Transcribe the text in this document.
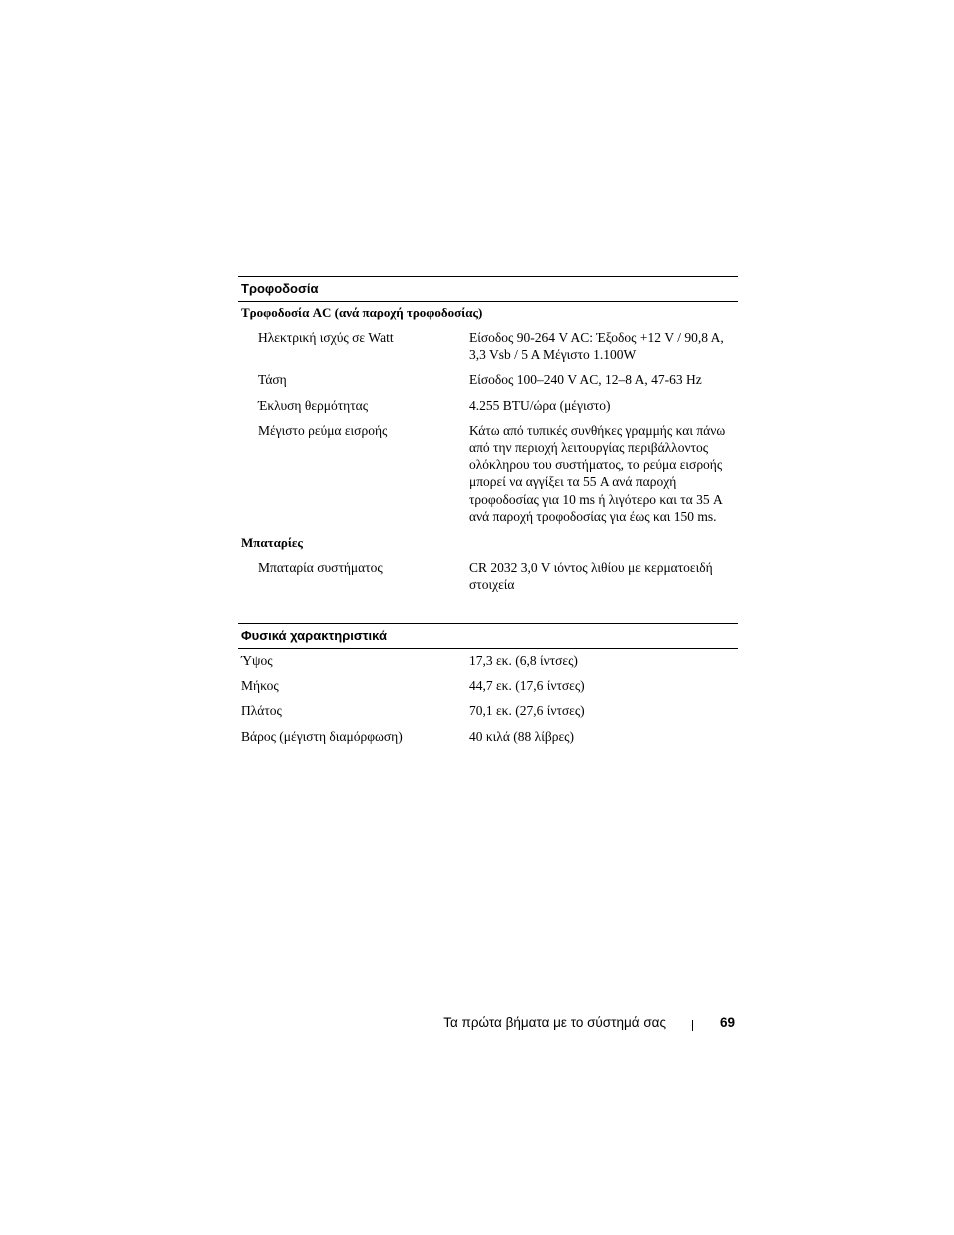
Τροφοδοσία
Τροφοδοσία AC (ανά παροχή τροφοδοσίας)
Ηλεκτρική ισχύς σε Watt	Είσοδος 90-264 V AC: Έξοδος +12 V / 90,8 A, 3,3 Vsb / 5 A Μέγιστο 1.100W
Τάση	Είσοδος 100–240 V AC, 12–8 A, 47-63 Hz
Έκλυση θερμότητας	4.255 BTU/ώρα (μέγιστο)
Μέγιστο ρεύμα εισροής	Κάτω από τυπικές συνθήκες γραμμής και πάνω από την περιοχή λειτουργίας περιβάλλοντος ολόκληρου του συστήματος, το ρεύμα εισροής μπορεί να αγγίξει τα 55 A ανά παροχή τροφοδοσίας για 10 ms ή λιγότερο και τα 35 A ανά παροχή τροφοδοσίας για έως και 150 ms.
Μπαταρίες
Μπαταρία συστήματος	CR 2032 3,0 V ιόντος λιθίου με κερματοειδή στοιχεία
Φυσικά χαρακτηριστικά
Ύψος	17,3 εκ. (6,8 ίντσες)
Μήκος	44,7 εκ. (17,6 ίντσες)
Πλάτος	70,1 εκ. (27,6 ίντσες)
Βάρος (μέγιστη διαμόρφωση)	40 κιλά (88 λίβρες)
Τα πρώτα βήματα με το σύστημά σας	69
